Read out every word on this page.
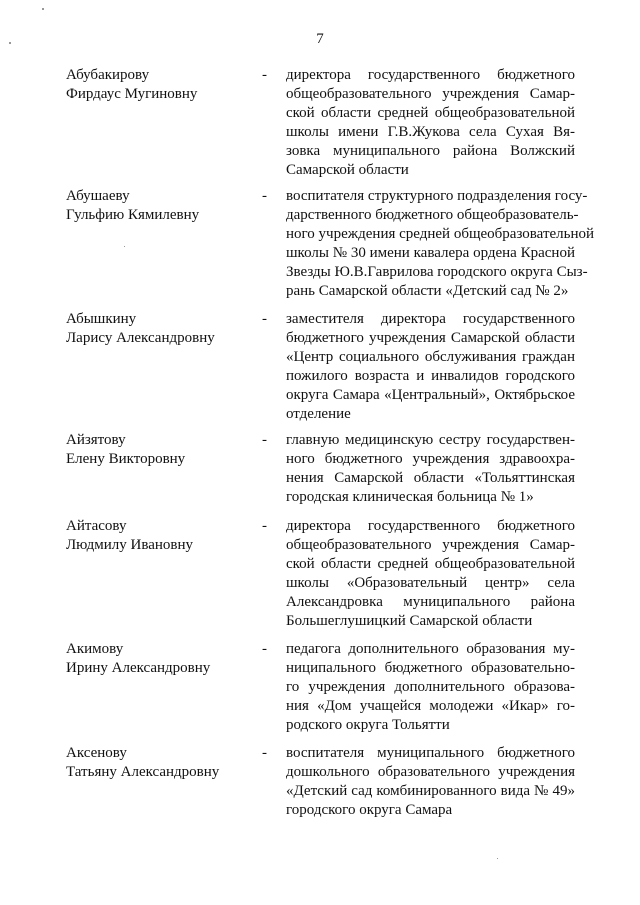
7
Абубакирову
Фирдаус Мугиновну
- директора государственного бюджетного
общеобразовательного учреждения Самар-
ской области средней общеобразовательной
школы имени Г.В.Жукова села Сухая Вя-
зовка муниципального района Волжский
Самарской области
Абушаеву
Гульфию Кямилевну
- воспитателя структурного подразделения госу-
дарственного бюджетного общеобразователь-
ного учреждения средней общеобразовательной
школы № 30 имени кавалера ордена Красной
Звезды Ю.В.Гаврилова городского округа Сыз-
рань Самарской области «Детский сад № 2»
Абышкину
Ларису Александровну
- заместителя директора государственного
бюджетного учреждения Самарской области
«Центр социального обслуживания граждан
пожилого возраста и инвалидов городского
округа Самара «Центральный», Октябрьское
отделение
Айзятову
Елену Викторовну
- главную медицинскую сестру государствен-
ного бюджетного учреждения здравоохра-
нения Самарской области «Тольяттинская
городская клиническая больница № 1»
Айтасову
Людмилу Ивановну
- директора государственного бюджетного
общеобразовательного учреждения Самар-
ской области средней общеобразовательной
школы «Образовательный центр» села
Александровка муниципального района
Большеглушицкий Самарской области
Акимову
Ирину Александровну
- педагога дополнительного образования му-
ниципального бюджетного образовательно-
го учреждения дополнительного образова-
ния «Дом учащейся молодежи «Икар» го-
родского округа Тольятти
Аксенову
Татьяну Александровну
- воспитателя муниципального бюджетного
дошкольного образовательного учреждения
«Детский сад комбинированного вида № 49»
городского округа Самара
